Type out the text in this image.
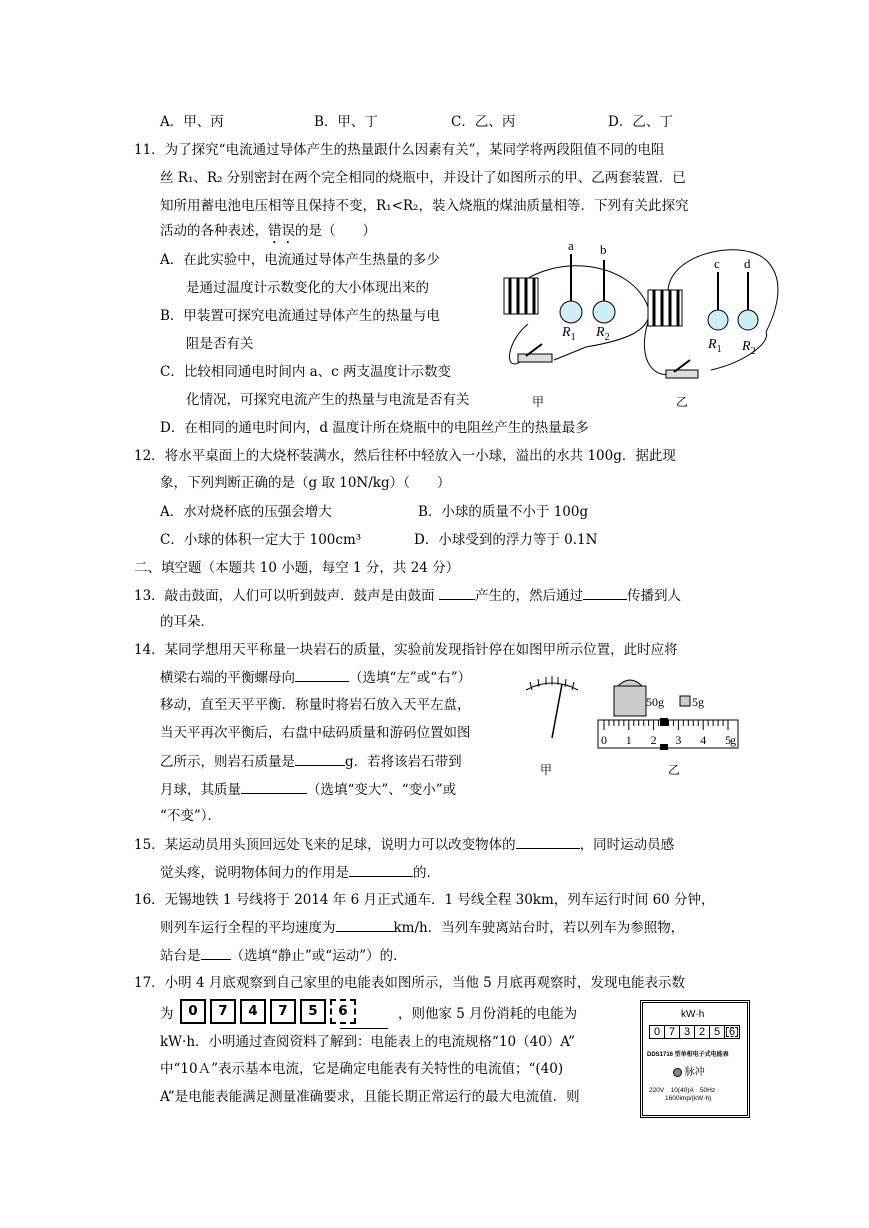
A．甲、丙	B．甲、丁	C．乙、丙	D．乙、丁
11．为了探究“电流通过导体产生的热量跟什么因素有关”，某同学将两段阻值不同的电阻
丝 R₁、R₂ 分别密封在两个完全相同的烧瓶中，并设计了如图所示的甲、乙两套装置．已
知所用蓄电池电压相等且保持不变，R₁<R₂，装入烧瓶的煤油质量相等．下列有关此探究
活动的各种表述，错误的是（　　）
A．在此实验中，电流通过导体产生热量的多少
是通过温度计示数变化的大小体现出来的
B．甲装置可探究电流通过导体产生的热量与电
阻是否有关
C．比较相同通电时间内 a、c 两支温度计示数变
化情况，可探究电流产生的热量与电流是否有关
D．在相同的通电时间内，d 温度计所在烧瓶中的电阻丝产生的热量最多
a b
$R_1$ $R_2$
甲
c d
$R_1$ $R_2$
乙
12．将水平桌面上的大烧杯装满水，然后往杯中轻放入一小球，溢出的水共 100g．据此现
象，下列判断正确的是（g 取 10N/kg）（　　）
A．水对烧杯底的压强会增大	B．小球的质量不小于 100g
C．小球的体积一定大于 100cm³	D．小球受到的浮力等于 0.1N
二、填空题（本题共 10 小题，每空 1 分，共 24 分）
13．敲击鼓面，人们可以听到鼓声．鼓声是由鼓面	产生的，然后通过	传播到人
的耳朵．
14．某同学想用天平称量一块岩石的质量，实验前发现指针停在如图甲所示位置，此时应将
横梁右端的平衡螺母向	（选填“左”或“右”）
移动，直至天平平衡．称量时将岩石放入天平左盘，
当天平再次平衡后，右盘中砝码质量和游码位置如图
乙所示，则岩石质量是	g．若将该岩石带到
月球，其质量	（选填“变大”、“变小”或
“不变”）．
甲
50g 5g
0 1 2 3 4 5 g
乙
15．某运动员用头顶回远处飞来的足球，说明力可以改变物体的	，同时运动员感
觉头疼，说明物体间力的作用是	的．
16．无锡地铁 1 号线将于 2014 年 6 月正式通车．1 号线全程 30km，列车运行时间 60 分钟，
则列车运行全程的平均速度为	km/h．当列车驶离站台时，若以列车为参照物，
站台是 （选填“静止”或“运动”）的．
17．小明 4 月底观察到自己家里的电能表如图所示，当他 5 月底再观察时，发现电能表示数
为	0	7	4	7	5	6	，则他家 5 月份消耗的电能为
kW·h．小明通过查阅资料了解到：电能表上的电流规格“10（40）A”
中“10Ａ”表示基本电流，它是确定电能表有关特性的电流值；“(40)
A”是电能表能满足测量准确要求，且能长期正常运行的最大电流值．则
kW·h
0 7 3 2 5 6
DDS1716 型单相电子式电能表
脉冲
220V　10(40)A　50Hz
1600imp/(kW·h)
